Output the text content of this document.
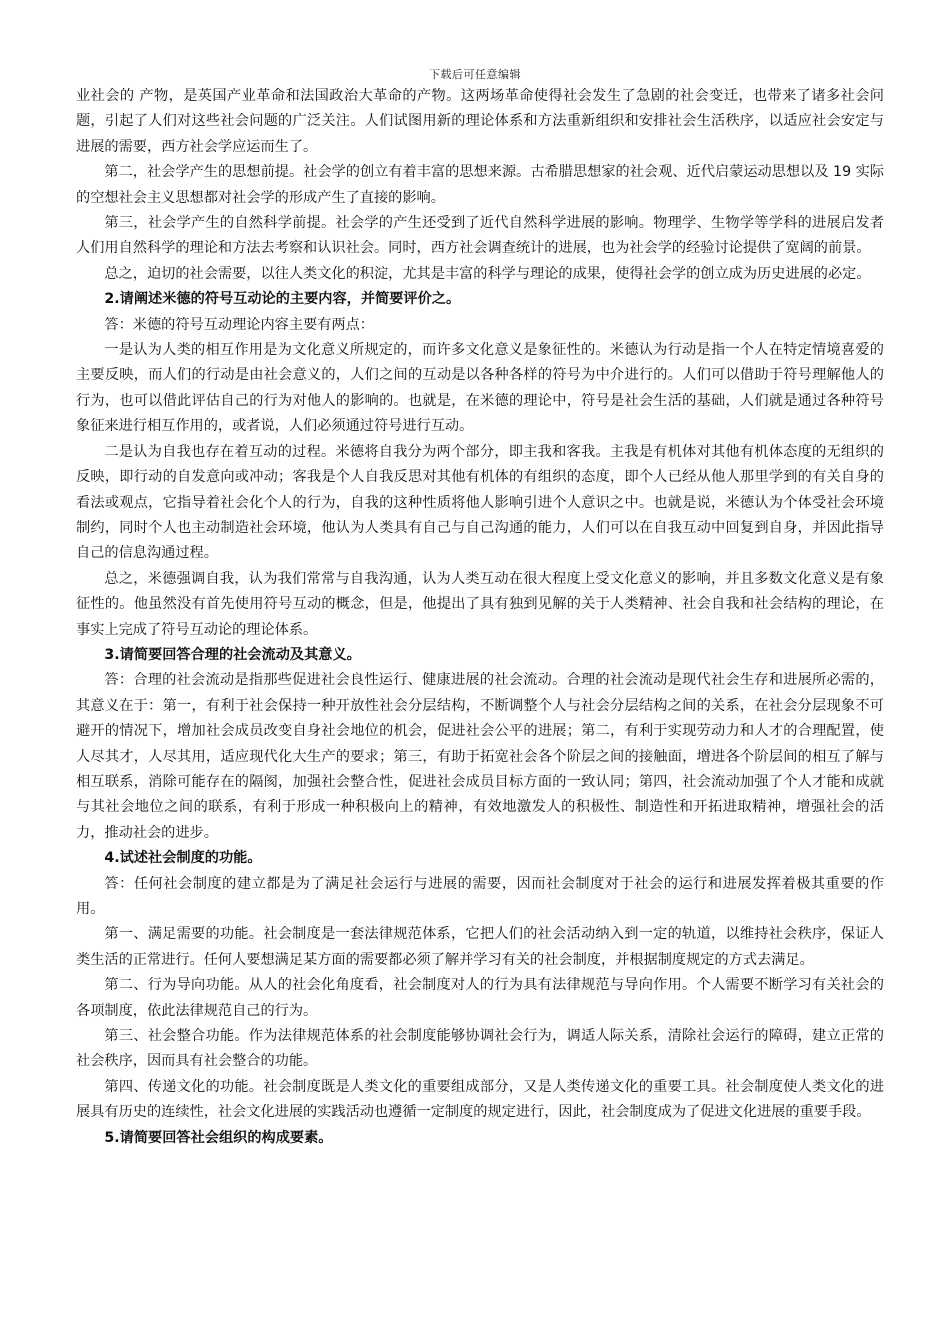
下载后可任意编辑

业社会的 产物，是英国产业革命和法国政治大革命的产物。这两场革命使得社会发生了急剧的社会变迁，也带来了诸多社会问题，引起了人们对这些社会问题的广泛关注。人们试图用新的理论体系和方法重新组织和安排社会生活秩序，以适应社会安定与进展的需要，西方社会学应运而生了。

第二，社会学产生的思想前提。社会学的创立有着丰富的思想来源。古希腊思想家的社会观、近代启蒙运动思想以及 19 实际的空想社会主义思想都对社会学的形成产生了直接的影响。

第三，社会学产生的自然科学前提。社会学的产生还受到了近代自然科学进展的影响。物理学、生物学等学科的进展启发者人们用自然科学的理论和方法去考察和认识社会。同时，西方社会调查统计的进展，也为社会学的经验讨论提供了宽阔的前景。

总之，迫切的社会需要，以往人类文化的积淀，尤其是丰富的科学与理论的成果，使得社会学的创立成为历史进展的必定。

2.请阐述米德的符号互动论的主要内容，并简要评价之。

答：米德的符号互动理论内容主要有两点：

一是认为人类的相互作用是为文化意义所规定的，而许多文化意义是象征性的。米德认为行动是指一个人在特定情境喜爱的主要反映，而人们的行动是由社会意义的，人们之间的互动是以各种各样的符号为中介进行的。人们可以借助于符号理解他人的行为，也可以借此评估自己的行为对他人的影响的。也就是，在米德的理论中，符号是社会生活的基础，人们就是通过各种符号象征来进行相互作用的，或者说，人们必须通过符号进行互动。

二是认为自我也存在着互动的过程。米德将自我分为两个部分，即主我和客我。主我是有机体对其他有机体态度的无组织的反映，即行动的自发意向或冲动；客我是个人自我反思对其他有机体的有组织的态度，即个人已经从他人那里学到的有关自身的看法或观点，它指导着社会化个人的行为，自我的这种性质将他人影响引进个人意识之中。也就是说，米德认为个体受社会环境制约，同时个人也主动制造社会环境，他认为人类具有自己与自己沟通的能力，人们可以在自我互动中回复到自身，并因此指导自己的信息沟通过程。

总之，米德强调自我，认为我们常常与自我沟通，认为人类互动在很大程度上受文化意义的影响，并且多数文化意义是有象征性的。他虽然没有首先使用符号互动的概念，但是，他提出了具有独到见解的关于人类精神、社会自我和社会结构的理论，在事实上完成了符号互动论的理论体系。

3.请简要回答合理的社会流动及其意义。

答：合理的社会流动是指那些促进社会良性运行、健康进展的社会流动。合理的社会流动是现代社会生存和进展所必需的，其意义在于：第一，有利于社会保持一种开放性社会分层结构，不断调整个人与社会分层结构之间的关系，在社会分层现象不可避开的情况下，增加社会成员改变自身社会地位的机会，促进社会公平的进展；第二，有利于实现劳动力和人才的合理配置，使人尽其才，人尽其用，适应现代化大生产的要求；第三，有助于拓宽社会各个阶层之间的接触面，增进各个阶层间的相互了解与相互联系，消除可能存在的隔阂，加强社会整合性，促进社会成员目标方面的一致认同；第四，社会流动加强了个人才能和成就与其社会地位之间的联系，有利于形成一种积极向上的精神，有效地激发人的积极性、制造性和开拓进取精神，增强社会的活力，推动社会的进步。

4.试述社会制度的功能。

答：任何社会制度的建立都是为了满足社会运行与进展的需要，因而社会制度对于社会的运行和进展发挥着极其重要的作用。

第一、满足需要的功能。社会制度是一套法律规范体系，它把人们的社会活动纳入到一定的轨道，以维持社会秩序，保证人类生活的正常进行。任何人要想满足某方面的需要都必须了解并学习有关的社会制度，并根据制度规定的方式去满足。

第二、行为导向功能。从人的社会化角度看，社会制度对人的行为具有法律规范与导向作用。个人需要不断学习有关社会的各项制度，依此法律规范自己的行为。

第三、社会整合功能。作为法律规范体系的社会制度能够协调社会行为，调适人际关系，清除社会运行的障碍，建立正常的社会秩序，因而具有社会整合的功能。

第四、传递文化的功能。社会制度既是人类文化的重要组成部分，又是人类传递文化的重要工具。社会制度使人类文化的进展具有历史的连续性，社会文化进展的实践活动也遵循一定制度的规定进行，因此，社会制度成为了促进文化进展的重要手段。

5.请简要回答社会组织的构成要素。
